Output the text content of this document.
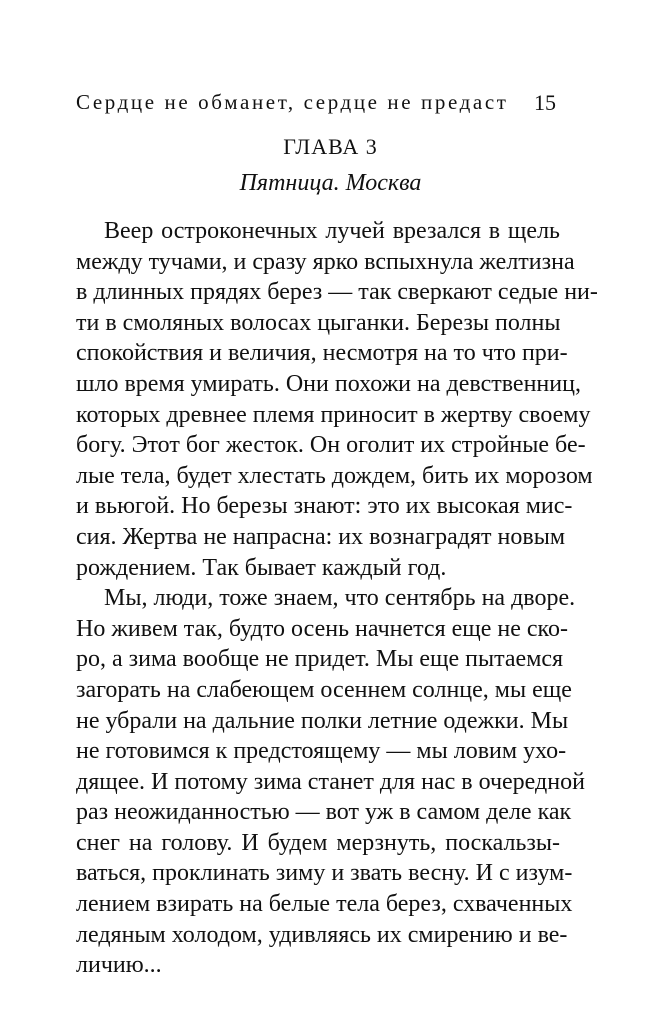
Сердце не обманет, сердце не предаст 15
ГЛАВА 3
Пятница. Москва
Веер остроконечных лучей врезался в щель
между тучами, и сразу ярко вспыхнула желтизна
в длинных прядях берез — так сверкают седые ни-
ти в смоляных волосах цыганки. Березы полны
спокойствия и величия, несмотря на то что при-
шло время умирать. Они похожи на девственниц,
которых древнее племя приносит в жертву своему
богу. Этот бог жесток. Он оголит их стройные бе-
лые тела, будет хлестать дождем, бить их морозом
и вьюгой. Но березы знают: это их высокая мис-
сия. Жертва не напрасна: их вознаградят новым
рождением. Так бывает каждый год.
Мы, люди, тоже знаем, что сентябрь на дворе.
Но живем так, будто осень начнется еще не ско-
ро, а зима вообще не придет. Мы еще пытаемся
загорать на слабеющем осеннем солнце, мы еще
не убрали на дальние полки летние одежки. Мы
не готовимся к предстоящему — мы ловим ухо-
дящее. И потому зима станет для нас в очередной
раз неожиданностью — вот уж в самом деле как
снег на голову. И будем мерзнуть, поскальзы-
ваться, проклинать зиму и звать весну. И с изум-
лением взирать на белые тела берез, схваченных
ледяным холодом, удивляясь их смирению и ве-
личию...
